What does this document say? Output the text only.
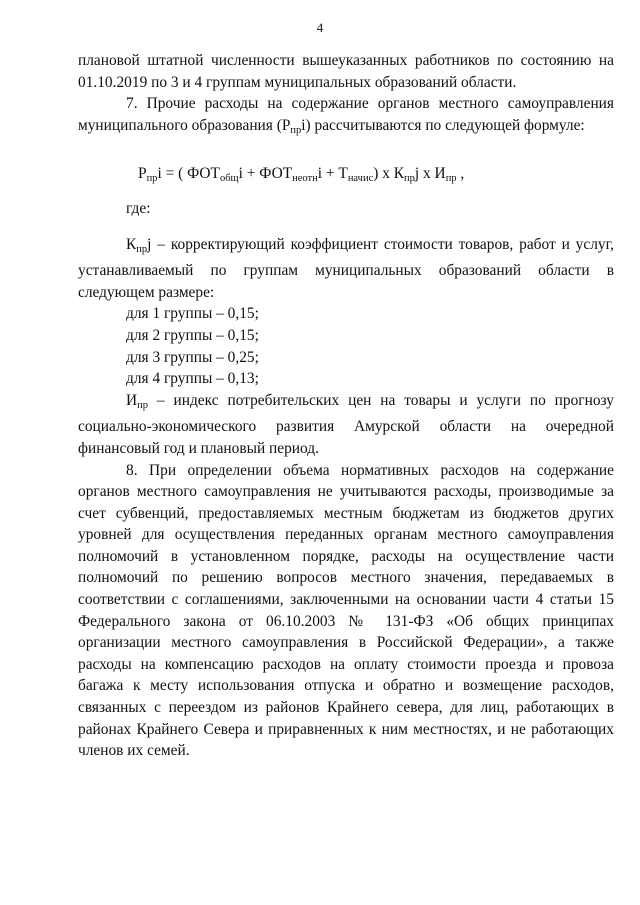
4

плановой штатной численности вышеуказанных работников по состоянию на 01.10.2019 по 3 и 4 группам муниципальных образований области.

7. Прочие расходы на содержание органов местного самоуправления муниципального образования $(Р_{пр}i)$ рассчитываются по следующей формуле:

$Р_{пр}i$ = ( $ФОТ_{общ}i + ФОТ_{неотн}i + Т_{начис}$) х $К_{пр}j$ х $И_{пр}$ ,

где:

$К_{пр}j$ – корректирующий коэффициент стоимости товаров, работ и услуг, устанавливаемый по группам муниципальных образований области в следующем размере:

для 1 группы – 0,15;

для 2 группы – 0,15;

для 3 группы – 0,25;

для 4 группы – 0,13;

$И_{пр}$ – индекс потребительских цен на товары и услуги по прогнозу социально-экономического развития Амурской области на очередной финансовый год и плановый период.

8. При определении объема нормативных расходов на содержание органов местного самоуправления не учитываются расходы, производимые за счет субвенций, предоставляемых местным бюджетам из бюджетов других уровней для осуществления переданных органам местного самоуправления полномочий в установленном порядке, расходы на осуществление части полномочий по решению вопросов местного значения, передаваемых в соответствии с соглашениями, заключенными на основании части 4 статьи 15 Федерального закона от 06.10.2003 № 131-ФЗ «Об общих принципах организации местного самоуправления в Российской Федерации», а также расходы на компенсацию расходов на оплату стоимости проезда и провоза багажа к месту использования отпуска и обратно и возмещение расходов, связанных с переездом из районов Крайнего севера, для лиц, работающих в районах Крайнего Севера и приравненных к ним местностях, и не работающих членов их семей.
